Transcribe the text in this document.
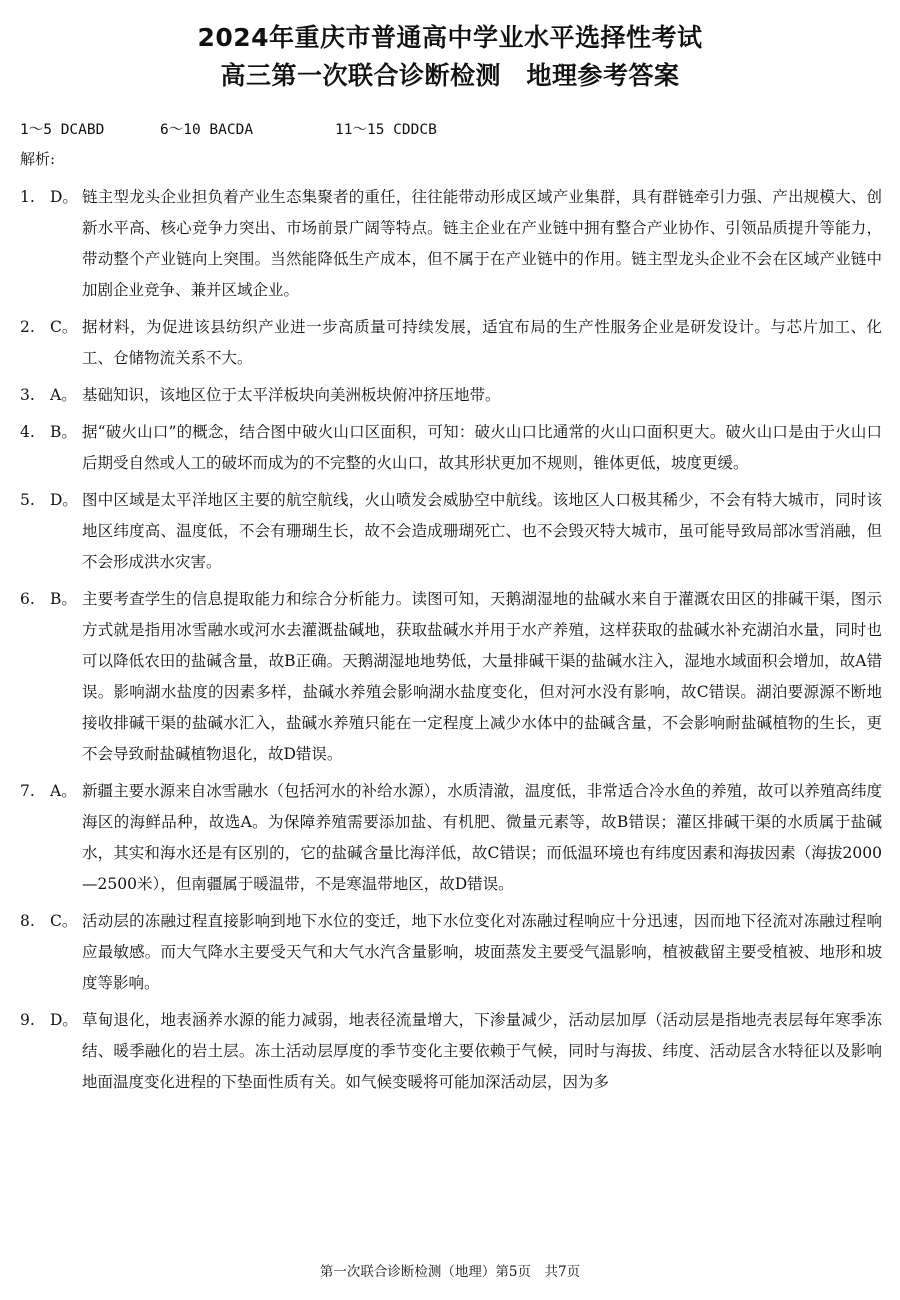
2024年重庆市普通高中学业水平选择性考试
高三第一次联合诊断检测　地理参考答案
1～5 DCABD	6～10 BACDA	11～15 CDDCB
解析:
1. D。 链主型龙头企业担负着产业生态集聚者的重任，往往能带动形成区域产业集群，具有群链牵引力强、产出规模大、创新水平高、核心竞争力突出、市场前景广阔等特点。链主企业在产业链中拥有整合产业协作、引领品质提升等能力，带动整个产业链向上突围。当然能降低生产成本，但不属于在产业链中的作用。链主型龙头企业不会在区域产业链中加剧企业竞争、兼并区域企业。
2. C。 据材料，为促进该县纺织产业进一步高质量可持续发展，适宜布局的生产性服务企业是研发设计。与芯片加工、化工、仓储物流关系不大。
3. A。 基础知识，该地区位于太平洋板块向美洲板块俯冲挤压地带。
4. B。 据“破火山口”的概念，结合图中破火山口区面积，可知：破火山口比通常的火山口面积更大。破火山口是由于火山口后期受自然或人工的破坏而成为的不完整的火山口，故其形状更加不规则，锥体更低，坡度更缓。
5. D。 图中区域是太平洋地区主要的航空航线，火山喷发会威胁空中航线。该地区人口极其稀少，不会有特大城市，同时该地区纬度高、温度低，不会有珊瑚生长，故不会造成珊瑚死亡、也不会毁灭特大城市，虽可能导致局部冰雪消融，但不会形成洪水灾害。
6. B。 主要考查学生的信息提取能力和综合分析能力。读图可知，天鹅湖湿地的盐碱水来自于灌溉农田区的排碱干渠，图示方式就是指用冰雪融水或河水去灌溉盐碱地，获取盐碱水并用于水产养殖，这样获取的盐碱水补充湖泊水量，同时也可以降低农田的盐碱含量，故B正确。天鹅湖湿地地势低，大量排碱干渠的盐碱水注入，湿地水域面积会增加，故A错误。影响湖水盐度的因素多样，盐碱水养殖会影响湖水盐度变化，但对河水没有影响，故C错误。湖泊要源源不断地接收排碱干渠的盐碱水汇入，盐碱水养殖只能在一定程度上减少水体中的盐碱含量，不会影响耐盐碱植物的生长，更不会导致耐盐碱植物退化，故D错误。
7. A。 新疆主要水源来自冰雪融水（包括河水的补给水源），水质清澈，温度低，非常适合冷水鱼的养殖，故可以养殖高纬度海区的海鲜品种，故选A。为保障养殖需要添加盐、有机肥、微量元素等，故B错误；灌区排碱干渠的水质属于盐碱水，其实和海水还是有区别的，它的盐碱含量比海洋低，故C错误；而低温环境也有纬度因素和海拔因素（海拔2000—2500米），但南疆属于暖温带，不是寒温带地区，故D错误。
8. C。 活动层的冻融过程直接影响到地下水位的变迁，地下水位变化对冻融过程响应十分迅速，因而地下径流对冻融过程响应最敏感。而大气降水主要受天气和大气水汽含量影响，坡面蒸发主要受气温影响，植被截留主要受植被、地形和坡度等影响。
9. D。 草甸退化，地表涵养水源的能力减弱，地表径流量增大，下渗量减少，活动层加厚（活动层是指地壳表层每年寒季冻结、暖季融化的岩土层。冻土活动层厚度的季节变化主要依赖于气候，同时与海拔、纬度、活动层含水特征以及影响地面温度变化进程的下垫面性质有关。如气候变暖将可能加深活动层，因为多
第一次联合诊断检测（地理）第5页　共7页
